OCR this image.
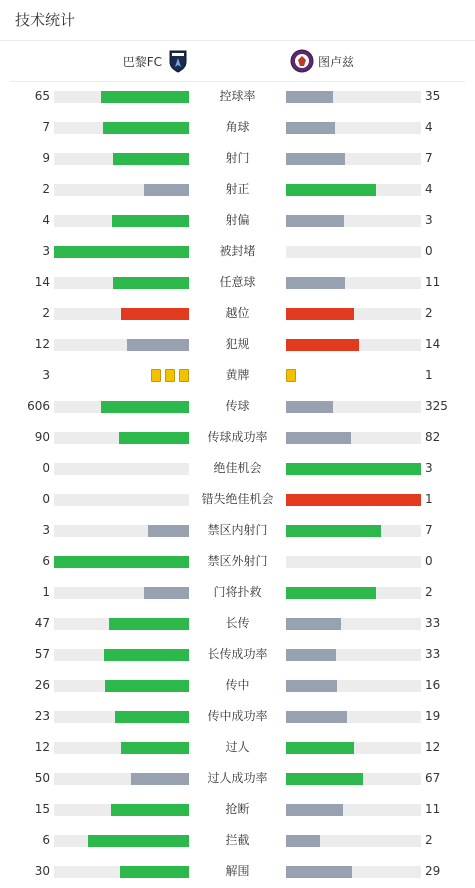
技术统计
巴黎FC	图卢兹
65	控球率	35
7	角球	4
9	射门	7
2	射正	4
4	射偏	3
3	被封堵	0
14	任意球	11
2	越位	2
12	犯规	14
3	黄牌	1
606	传球	325
90	传球成功率	82
0	绝佳机会	3
0	错失绝佳机会	1
3	禁区内射门	7
6	禁区外射门	0
1	门将扑救	2
47	长传	33
57	长传成功率	33
26	传中	16
23	传中成功率	19
12	过人	12
50	过人成功率	67
15	抢断	11
6	拦截	2
30	解围	29
